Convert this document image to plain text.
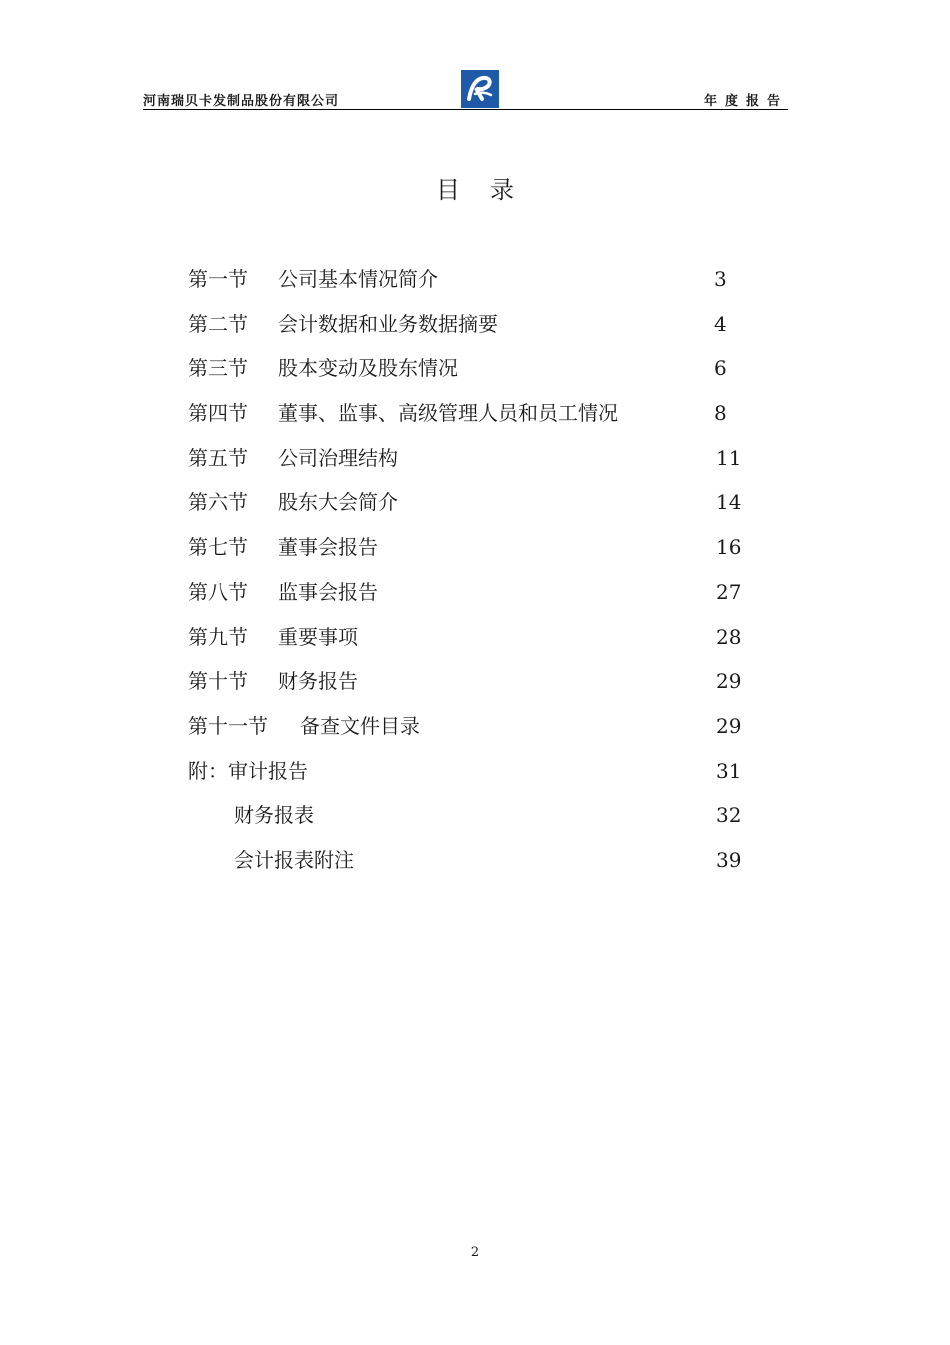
河南瑞贝卡发制品股份有限公司	年度报告
目录
第一节 公司基本情况简介	3
第二节 会计数据和业务数据摘要	4
第三节 股本变动及股东情况	6
第四节 董事、监事、高级管理人员和员工情况	8
第五节 公司治理结构	11
第六节 股东大会简介	14
第七节 董事会报告	16
第八节 监事会报告	27
第九节 重要事项	28
第十节 财务报告	29
第十一节 备查文件目录	29
附：审计报告	31
财务报表	32
会计报表附注	39
2
